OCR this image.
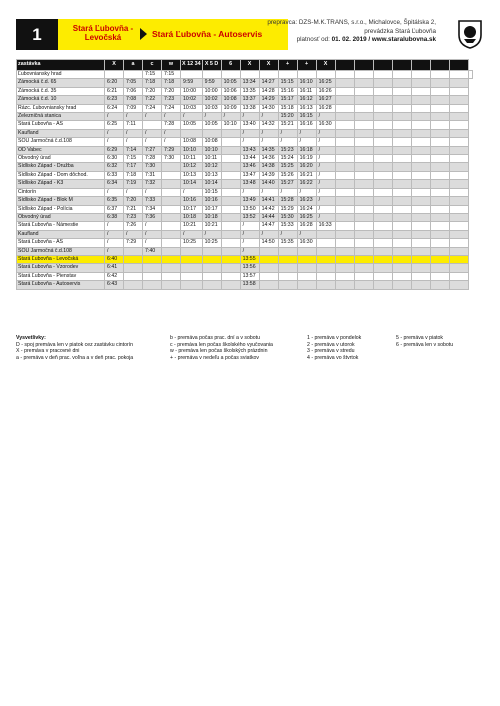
1	Stará Ľubovňa - Levočská	Stará Ľubovňa - Autoservis
prepravca: DZS-M.K.TRANS, s.r.o., Michalovce, Špitálska 2,
prevádzka Stará Ľubovňa
platnosť od: 01. 02. 2019 / www.staralubovna.sk
zastávka	X	a	c	w	X 12 34	X 5 D	6	X	X	+	+	X								
Ľubovniansky hrad			7:15	7:15																
Zámocká č.d. 65	6:20	7:05	7:18	7:18	9:59	9:59	10:05	13:34	14:27	15:15	16:10	16:25								
Zámocká č.d. 35	6:21	7:06	7:20	7:20	10:00	10:00	10:06	13:35	14:28	15:16	16:11	16:26								
Zámocká č.d. 10	6:23	7:08	7:22	7:23	10:02	10:02	10:08	13:37	14:29	15:17	16:12	16:27								
Rázc. Ľubovniansky hrad	6:24	7:09	7:24	7:24	10:03	10:03	10:09	13:38	14:30	15:18	16:13	16:28								
Železničná stanica	/	/	/	/	/	/	/	/	/	15:20	16:15	/								
Stará Ľubovňa - AS	6:25	7:11		7:28	10:05	10:05	10:10	13:40	14:32	15:21	16:16	16:30								
Kaufland	/	/	/	/				/	/	/	/	/								
SOU Jarmočná č.d.108	/	/	/	/	10:08	10:08		/	/	/	/	/								
OD Vabec	6:29	7:14	7:27	7:29	10:10	10:10		13:43	14:35	15:23	16:18	/								
Obvodný úrad	6:30	7:15	7:28	7:30	10:11	10:11		13:44	14:36	15:24	16:19	/								
Sídlisko Západ - Družba	6:32	7:17	7:30		10:12	10:12		13:46	14:38	15:25	16:20	/								
Sídlisko Západ - Dom dôchod.	6:33	7:18	7:31		10:13	10:13		13:47	14:39	15:26	16:21	/								
Sídlisko Západ - K3	6:34	7:19	7:32		10:14	10:14		13:48	14:40	15:27	16:22	/								
Cintorín	/	/	/		/	10:15		/	/	/	/	/								
Sídlisko Západ - Blok M	6:35	7:20	7:33		10:16	10:16		13:49	14:41	15:28	16:23	/								
Sídlisko Západ - Polícia	6:37	7:21	7:34		10:17	10:17		13:50	14:42	15:29	16:24	/								
Obvodný úrad	6:38	7:23	7:36		10:18	10:18		13:52	14:44	15:30	16:25	/								
Stará Ľubovňa - Námestie	/	7:26	/		10:21	10:21		/	14:47	15:33	16:28	16:33								
Kaufland	/	/	/		/	/		/	/	/	/									
Stará Ľubovňa - AS	/	7:29	/		10:25	10:25		/	14:50	15:35	16:30									
SOU Jarmočná č.d.108	/		7:40					/												
Stará Ľubovňa - Levočská	6:40							13:55												
Stará Ľubovňa - Vzorodev	6:41							13:56												
Stará Ľubovňa - Pienstav	6:42							13:57												
Stará Ľubovňa - Autoservis	6:43							13:58												
Vysvetlivky:
D - spoj premáva len v piatok cez zastávku cintorín
X - premáva v pracovné dni
a - premáva v deň prac. voľna a v deň prac. pokoja
b - premáva počas prac. dní a v sobotu
c - premáva len počas školského vyučovania
w - premáva len počas školských prázdnin
+ - premáva v nedeľu a počas sviatkov
1 - premáva v pondelok
2 - premáva v utorok
3 - premáva v stredu
4 - premáva vo štvrtok
5 - premáva v piatok
6 - premáva len v sobotu
